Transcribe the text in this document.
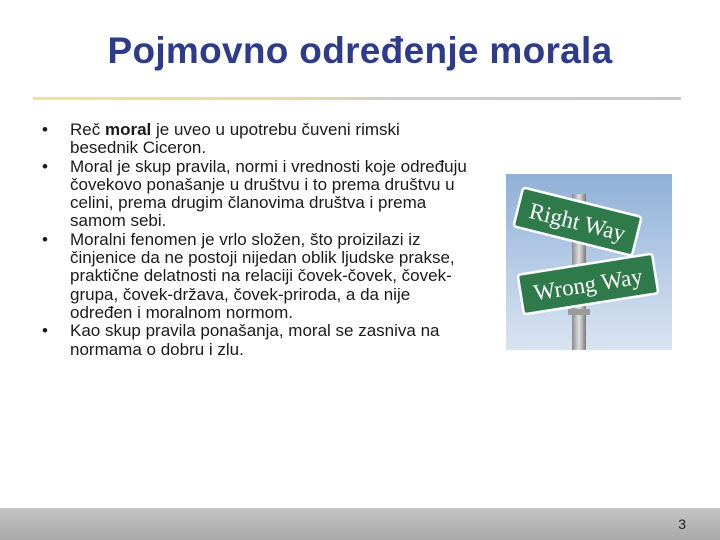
Pojmovno određenje morala
• Reč moral je uveo u upotrebu čuveni rimski besednik Ciceron.
• Moral je skup pravila, normi i vrednosti koje određuju čovekovo ponašanje u društvu i to prema društvu u celini, prema drugim članovima društva i prema samom sebi.
• Moralni fenomen je vrlo složen, što proizilazi iz činjenice da ne postoji nijedan oblik ljudske prakse, praktične delatnosti na relaciji čovek-čovek, čovek-grupa, čovek-država, čovek-priroda, a da nije određen i moralnom normom.
• Kao skup pravila ponašanja, moral se zasniva na normama o dobru i zlu.
Right Way
Wrong Way
3
